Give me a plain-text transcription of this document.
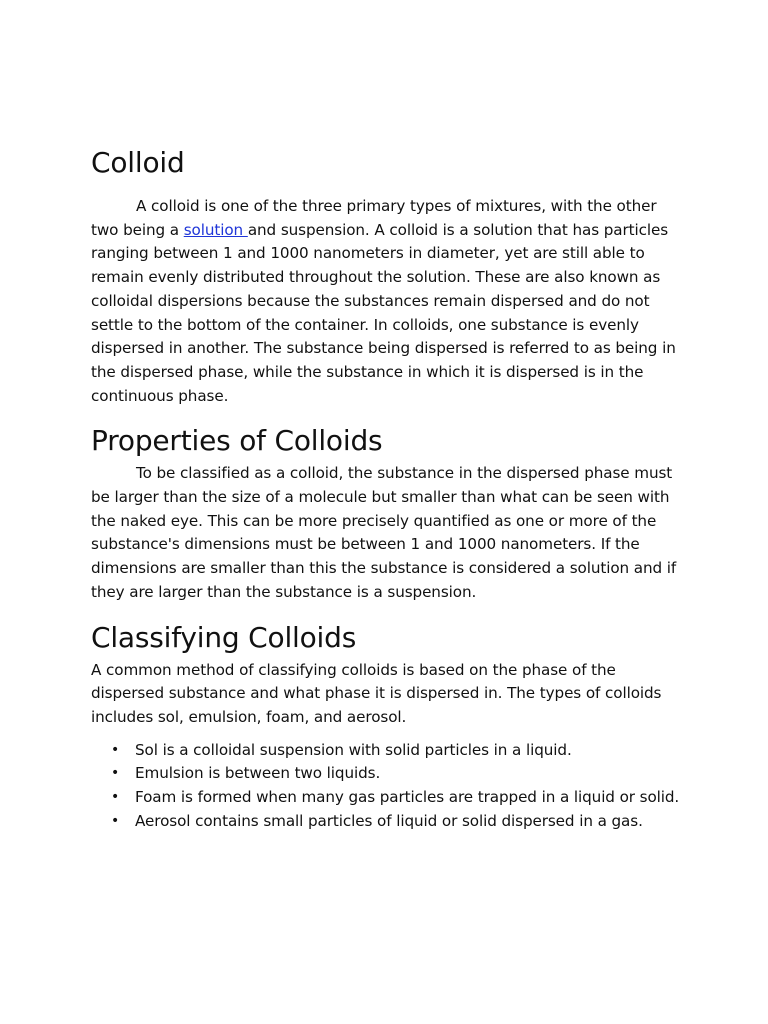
Colloid

A colloid is one of the three primary types of mixtures, with the other two being a solution and suspension. A colloid is a solution that has particles ranging between 1 and 1000 nanometers in diameter, yet are still able to remain evenly distributed throughout the solution. These are also known as colloidal dispersions because the substances remain dispersed and do not settle to the bottom of the container. In colloids, one substance is evenly dispersed in another. The substance being dispersed is referred to as being in the dispersed phase, while the substance in which it is dispersed is in the continuous phase.

Properties of Colloids

To be classified as a colloid, the substance in the dispersed phase must be larger than the size of a molecule but smaller than what can be seen with the naked eye. This can be more precisely quantified as one or more of the substance's dimensions must be between 1 and 1000 nanometers. If the dimensions are smaller than this the substance is considered a solution and if they are larger than the substance is a suspension.

Classifying Colloids

A common method of classifying colloids is based on the phase of the dispersed substance and what phase it is dispersed in. The types of colloids includes sol, emulsion, foam, and aerosol.

• Sol is a colloidal suspension with solid particles in a liquid.
• Emulsion is between two liquids.
• Foam is formed when many gas particles are trapped in a liquid or solid.
• Aerosol contains small particles of liquid or solid dispersed in a gas.
